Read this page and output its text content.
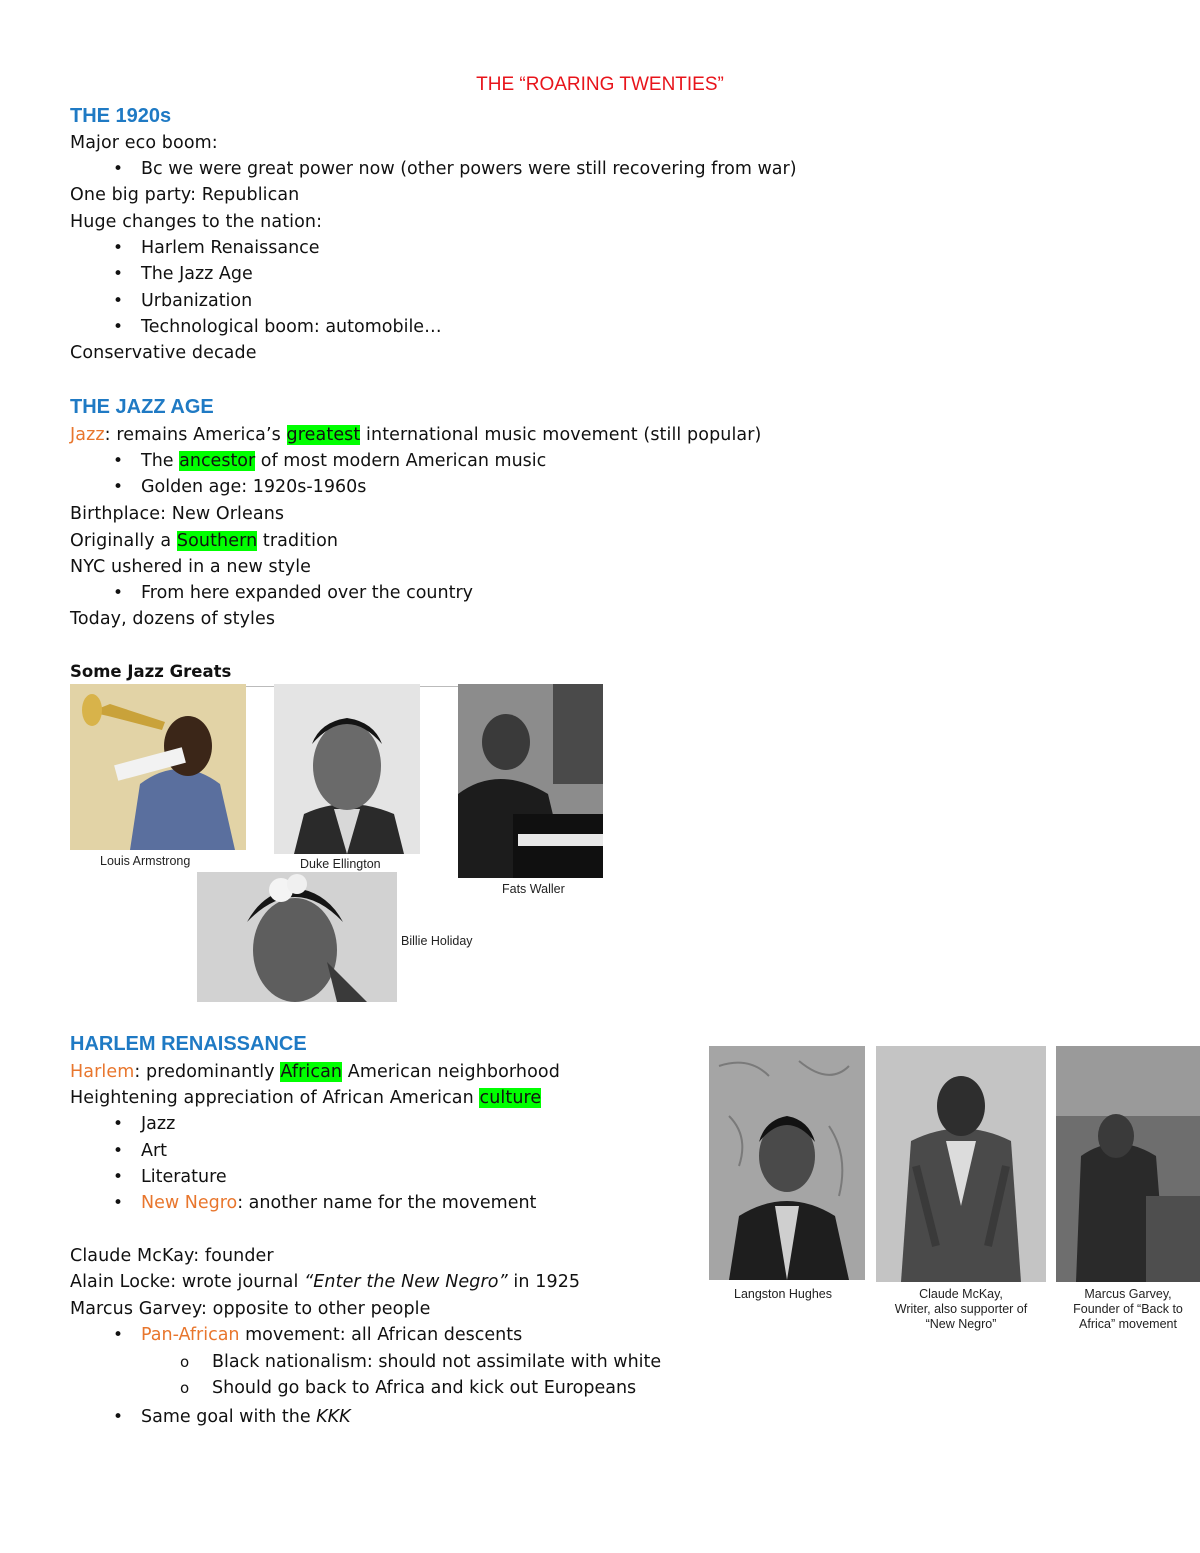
THE “ROARING TWENTIES”
THE 1920s
Major eco boom:
• Bc we were great power now (other powers were still recovering from war)
One big party: Republican
Huge changes to the nation:
• Harlem Renaissance
• The Jazz Age
• Urbanization
• Technological boom: automobile…
Conservative decade
THE JAZZ AGE
Jazz: remains America’s greatest international music movement (still popular)
• The ancestor of most modern American music
• Golden age: 1920s-1960s
Birthplace: New Orleans
Originally a Southern tradition
NYC ushered in a new style
• From here expanded over the country
Today, dozens of styles
Some Jazz Greats
Louis Armstrong	Duke Ellington
Fats Waller
Billie Holiday
HARLEM RENAISSANCE
Harlem: predominantly African American neighborhood
Heightening appreciation of African American culture
• Jazz
• Art
• Literature
• New Negro: another name for the movement
Claude McKay: founder
Alain Locke: wrote journal “Enter the New Negro” in 1925
Marcus Garvey: opposite to other people
• Pan-African movement: all African descents
o Black nationalism: should not assimilate with white
o Should go back to Africa and kick out Europeans
• Same goal with the KKK
Langston Hughes	Claude McKay,
Writer, also supporter of
“New Negro”
Marcus Garvey,
Founder of “Back to
Africa” movement
